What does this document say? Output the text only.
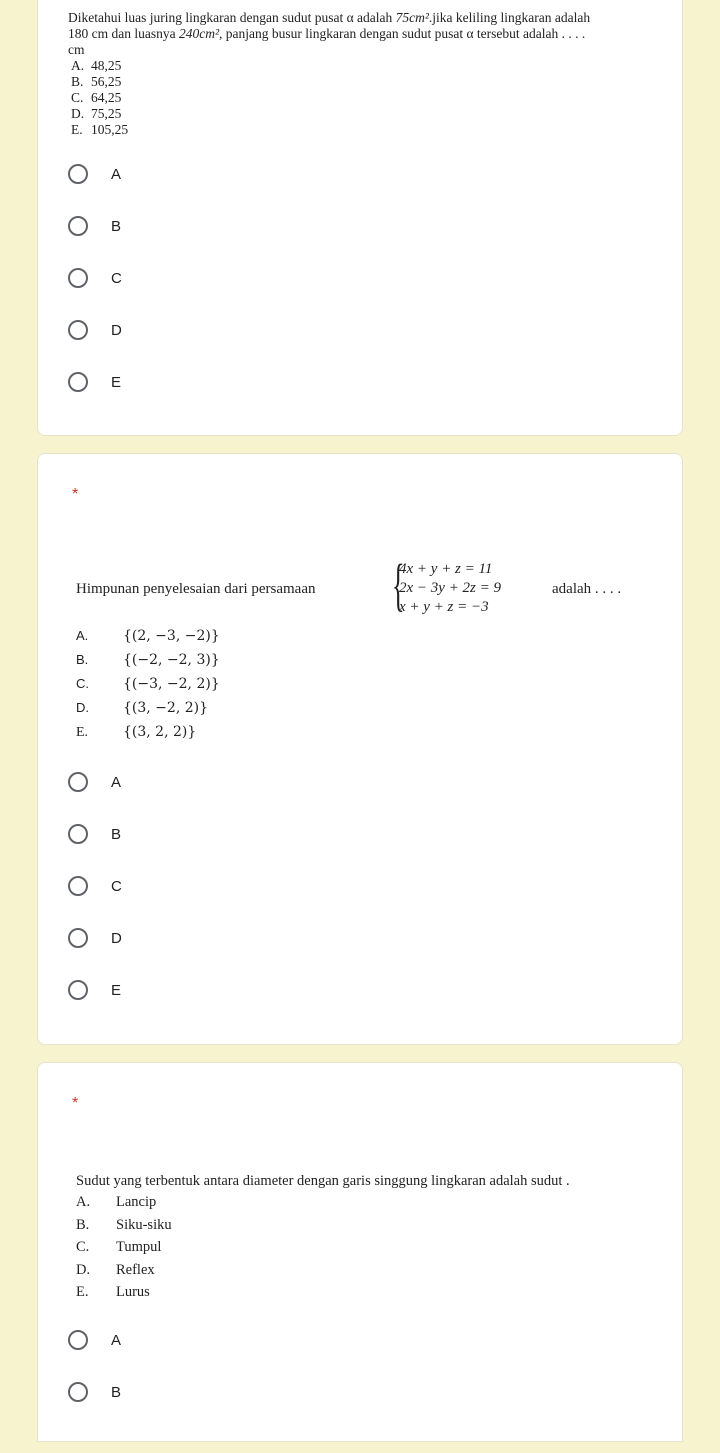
Diketahui luas juring lingkaran dengan sudut pusat α adalah 75cm².jika keliling lingkaran adalah
180 cm dan luasnya 240cm², panjang busur lingkaran dengan sudut pusat α tersebut adalah . . . .
cm
A. 48,25
B. 56,25
C. 64,25
D. 75,25
E. 105,25
A
B
C
D
E
*
Himpunan penyelesaian dari persamaan {
4x + y + z = 11
2x − 3y + 2z = 9
x + y + z = −3
adalah . . . .
A. {(2, −3, −2)}
B. {(−2, −2, 3)}
C. {(−3, −2, 2)}
D. {(3, −2, 2)}
E. {(3, 2, 2)}
A
B
C
D
E
*
Sudut yang terbentuk antara diameter dengan garis singgung lingkaran adalah sudut .
A. Lancip
B. Siku-siku
C. Tumpul
D. Reflex
E. Lurus
A
B
